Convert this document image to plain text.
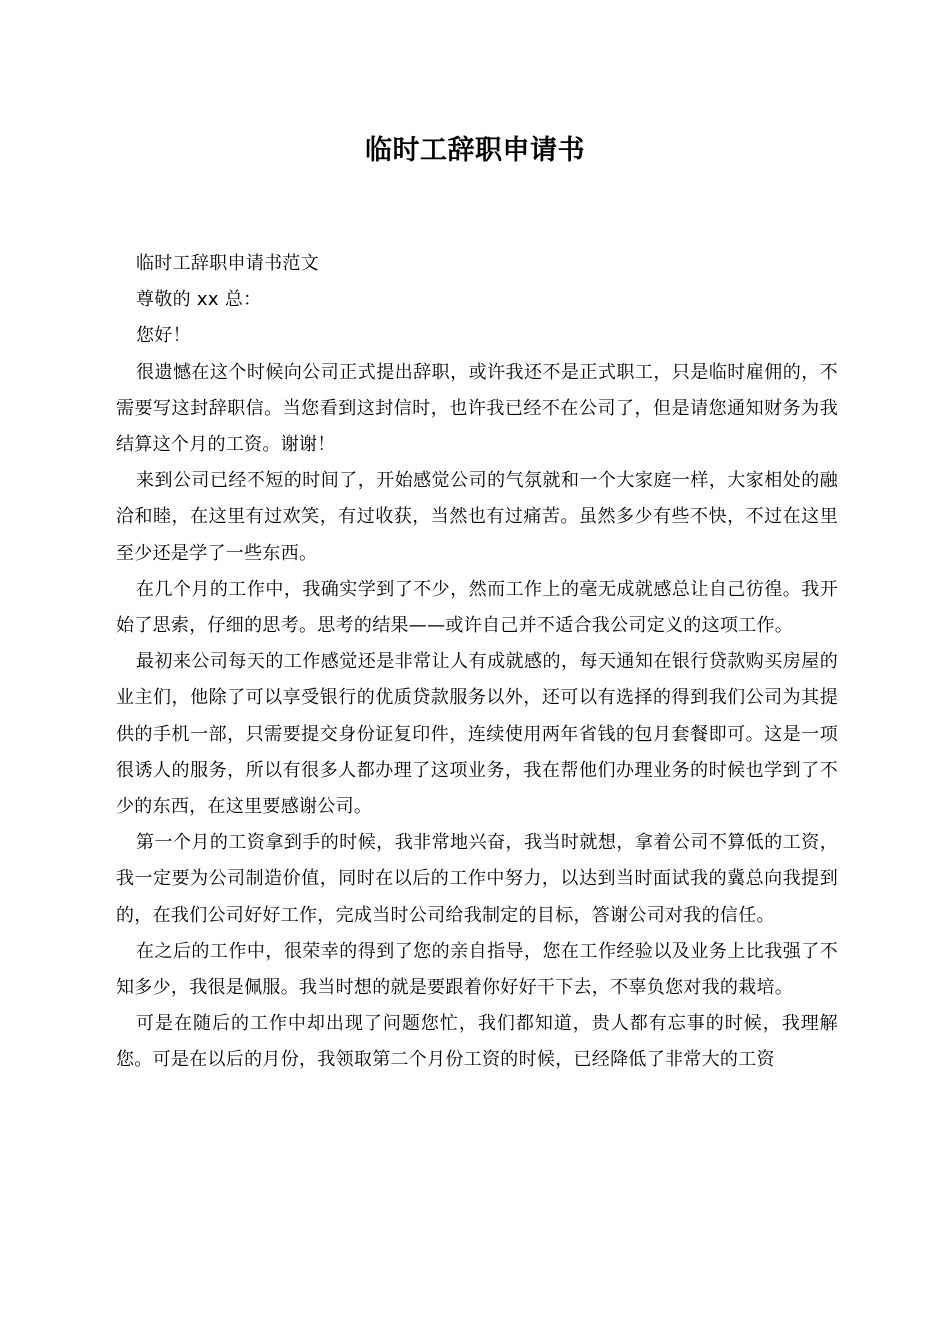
临时工辞职申请书

临时工辞职申请书范文

尊敬的 xx 总：

您好！

很遗憾在这个时候向公司正式提出辞职，或许我还不是正式职工，只是临时雇佣的，不需要写这封辞职信。当您看到这封信时，也许我已经不在公司了，但是请您通知财务为我结算这个月的工资。谢谢！

来到公司已经不短的时间了，开始感觉公司的气氛就和一个大家庭一样，大家相处的融洽和睦，在这里有过欢笑，有过收获，当然也有过痛苦。虽然多少有些不快，不过在这里至少还是学了一些东西。

在几个月的工作中，我确实学到了不少，然而工作上的毫无成就感总让自己彷徨。我开始了思索，仔细的思考。思考的结果——或许自己并不适合我公司定义的这项工作。

最初来公司每天的工作感觉还是非常让人有成就感的，每天通知在银行贷款购买房屋的业主们，他除了可以享受银行的优质贷款服务以外，还可以有选择的得到我们公司为其提供的手机一部，只需要提交身份证复印件，连续使用两年省钱的包月套餐即可。这是一项很诱人的服务，所以有很多人都办理了这项业务，我在帮他们办理业务的时候也学到了不少的东西，在这里要感谢公司。

第一个月的工资拿到手的时候，我非常地兴奋，我当时就想，拿着公司不算低的工资，我一定要为公司制造价值，同时在以后的工作中努力，以达到当时面试我的冀总向我提到的，在我们公司好好工作，完成当时公司给我制定的目标，答谢公司对我的信任。

在之后的工作中，很荣幸的得到了您的亲自指导，您在工作经验以及业务上比我强了不知多少，我很是佩服。我当时想的就是要跟着你好好干下去，不辜负您对我的栽培。

可是在随后的工作中却出现了问题您忙，我们都知道，贵人都有忘事的时候，我理解您。可是在以后的月份，我领取第二个月份工资的时候，已经降低了非常大的工资
